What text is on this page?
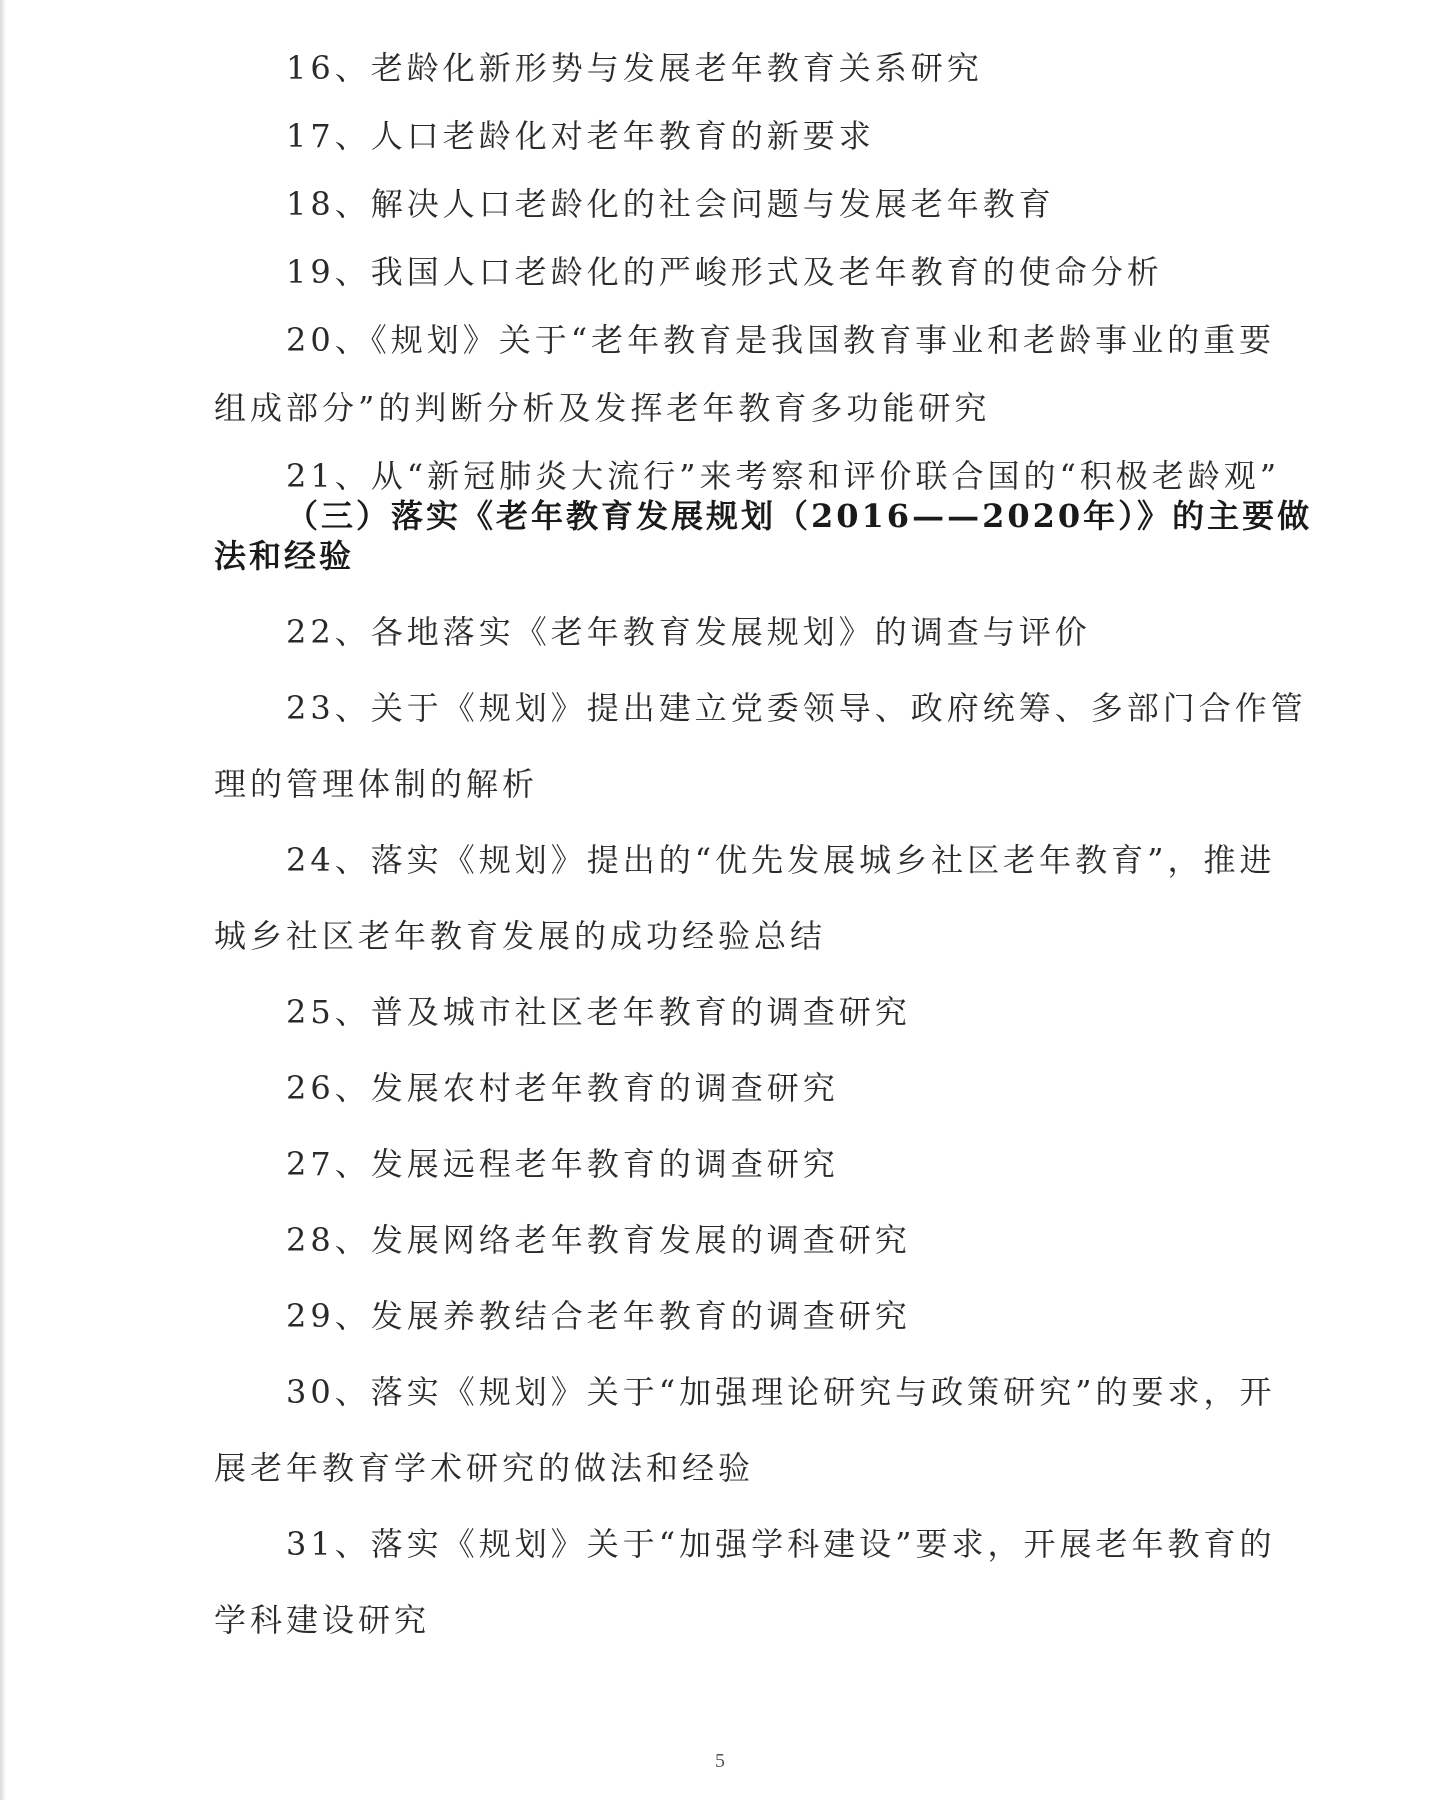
16、老龄化新形势与发展老年教育关系研究

17、人口老龄化对老年教育的新要求

18、解决人口老龄化的社会问题与发展老年教育

19、我国人口老龄化的严峻形式及老年教育的使命分析

20、《规划》关于“老年教育是我国教育事业和老龄事业的重要

组成部分”的判断分析及发挥老年教育多功能研究

21、从“新冠肺炎大流行”来考察和评价联合国的“积极老龄观”

（三）落实《老年教育发展规划（2016——2020年）》的主要做

法和经验

22、各地落实《老年教育发展规划》的调查与评价

23、关于《规划》提出建立党委领导、政府统筹、多部门合作管

理的管理体制的解析

24、落实《规划》提出的“优先发展城乡社区老年教育”，推进

城乡社区老年教育发展的成功经验总结

25、普及城市社区老年教育的调查研究

26、发展农村老年教育的调查研究

27、发展远程老年教育的调查研究

28、发展网络老年教育发展的调查研究

29、发展养教结合老年教育的调查研究

30、落实《规划》关于“加强理论研究与政策研究”的要求，开

展老年教育学术研究的做法和经验

31、落实《规划》关于“加强学科建设”要求，开展老年教育的

学科建设研究

5
